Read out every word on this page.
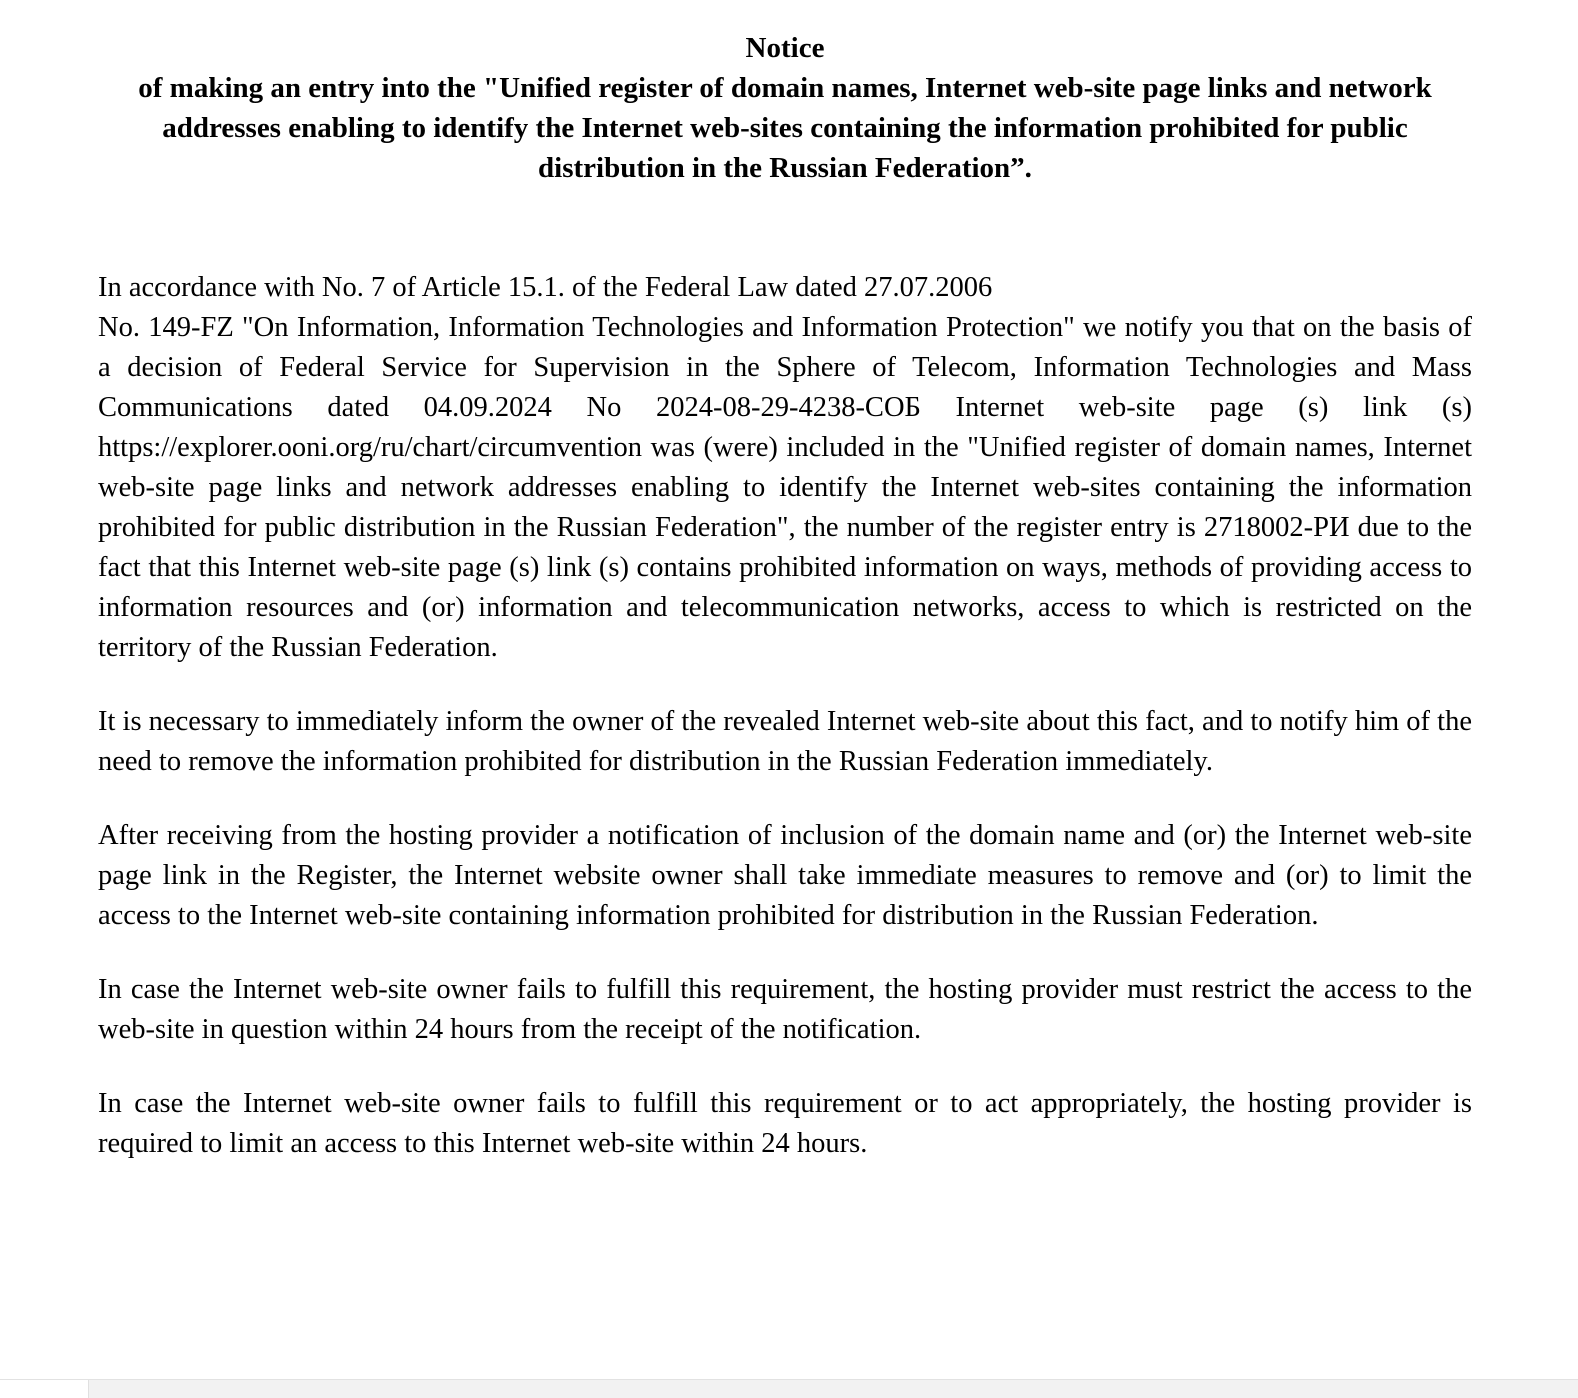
Notice
of making an entry into the "Unified register of domain names, Internet web-site page links and network addresses enabling to identify the Internet web-sites containing the information prohibited for public distribution in the Russian Federation”.

In accordance with No. 7 of Article 15.1. of the Federal Law dated 27.07.2006
No. 149-FZ "On Information, Information Technologies and Information Protection" we notify you that on the basis of a decision of Federal Service for Supervision in the Sphere of Telecom, Information Technologies and Mass Communications dated 04.09.2024 No 2024-08-29-4238-СОБ Internet web-site page (s) link (s) https://explorer.ooni.org/ru/chart/circumvention was (were) included in the "Unified register of domain names, Internet web-site page links and network addresses enabling to identify the Internet web-sites containing the information prohibited for public distribution in the Russian Federation", the number of the register entry is 2718002-РИ due to the fact that this Internet web-site page (s) link (s) contains prohibited information on ways, methods of providing access to information resources and (or) information and telecommunication networks, access to which is restricted on the territory of the Russian Federation.

It is necessary to immediately inform the owner of the revealed Internet web-site about this fact, and to notify him of the need to remove the information prohibited for distribution in the Russian Federation immediately.

After receiving from the hosting provider a notification of inclusion of the domain name and (or) the Internet web-site page link in the Register, the Internet website owner shall take immediate measures to remove and (or) to limit the access to the Internet web-site containing information prohibited for distribution in the Russian Federation.

In case the Internet web-site owner fails to fulfill this requirement, the hosting provider must restrict the access to the web-site in question within 24 hours from the receipt of the notification.

In case the Internet web-site owner fails to fulfill this requirement or to act appropriately, the hosting provider is required to limit an access to this Internet web-site within 24 hours.
